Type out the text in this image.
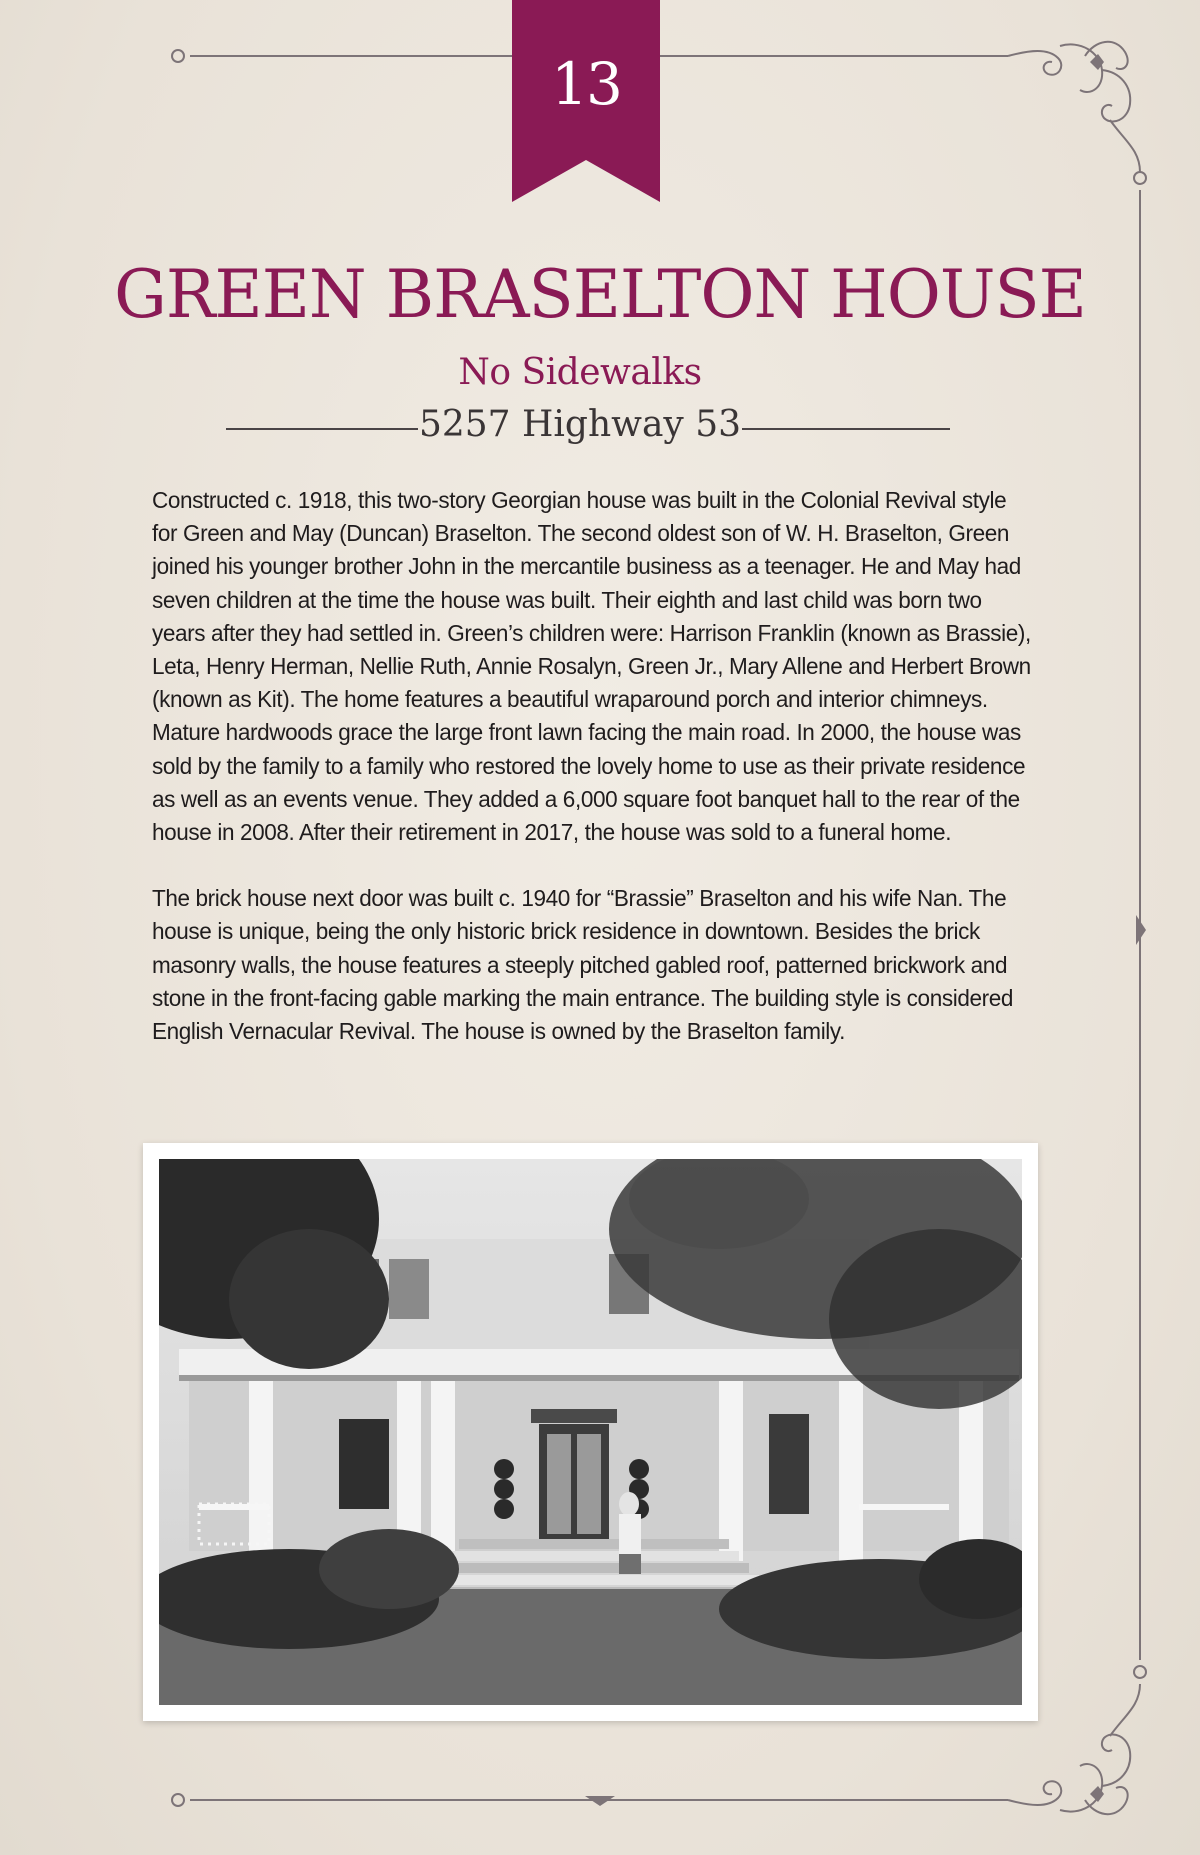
13
GREEN BRASELTON HOUSE
No Sidewalks
5257 Highway 53

Constructed c. 1918, this two-story Georgian house was built in the Colonial Revival style for Green and May (Duncan) Braselton. The second oldest son of W. H. Braselton, Green joined his younger brother John in the mercantile business as a teenager. He and May had seven children at the time the house was built. Their eighth and last child was born two years after they had settled in. Green’s children were: Harrison Franklin (known as Brassie), Leta, Henry Herman, Nellie Ruth, Annie Rosalyn, Green Jr., Mary Allene and Herbert Brown (known as Kit). The home features a beautiful wraparound porch and interior chimneys. Mature hardwoods grace the large front lawn facing the main road. In 2000, the house was sold by the family to a family who restored the lovely home to use as their private residence as well as an events venue. They added a 6,000 square foot banquet hall to the rear of the house in 2008. After their retirement in 2017, the house was sold to a funeral home.

The brick house next door was built c. 1940 for “Brassie” Braselton and his wife Nan. The house is unique, being the only historic brick residence in downtown. Besides the brick masonry walls, the house features a steeply pitched gabled roof, patterned brickwork and stone in the front-facing gable marking the main entrance. The building style is considered English Vernacular Revival. The house is owned by the Braselton family.
